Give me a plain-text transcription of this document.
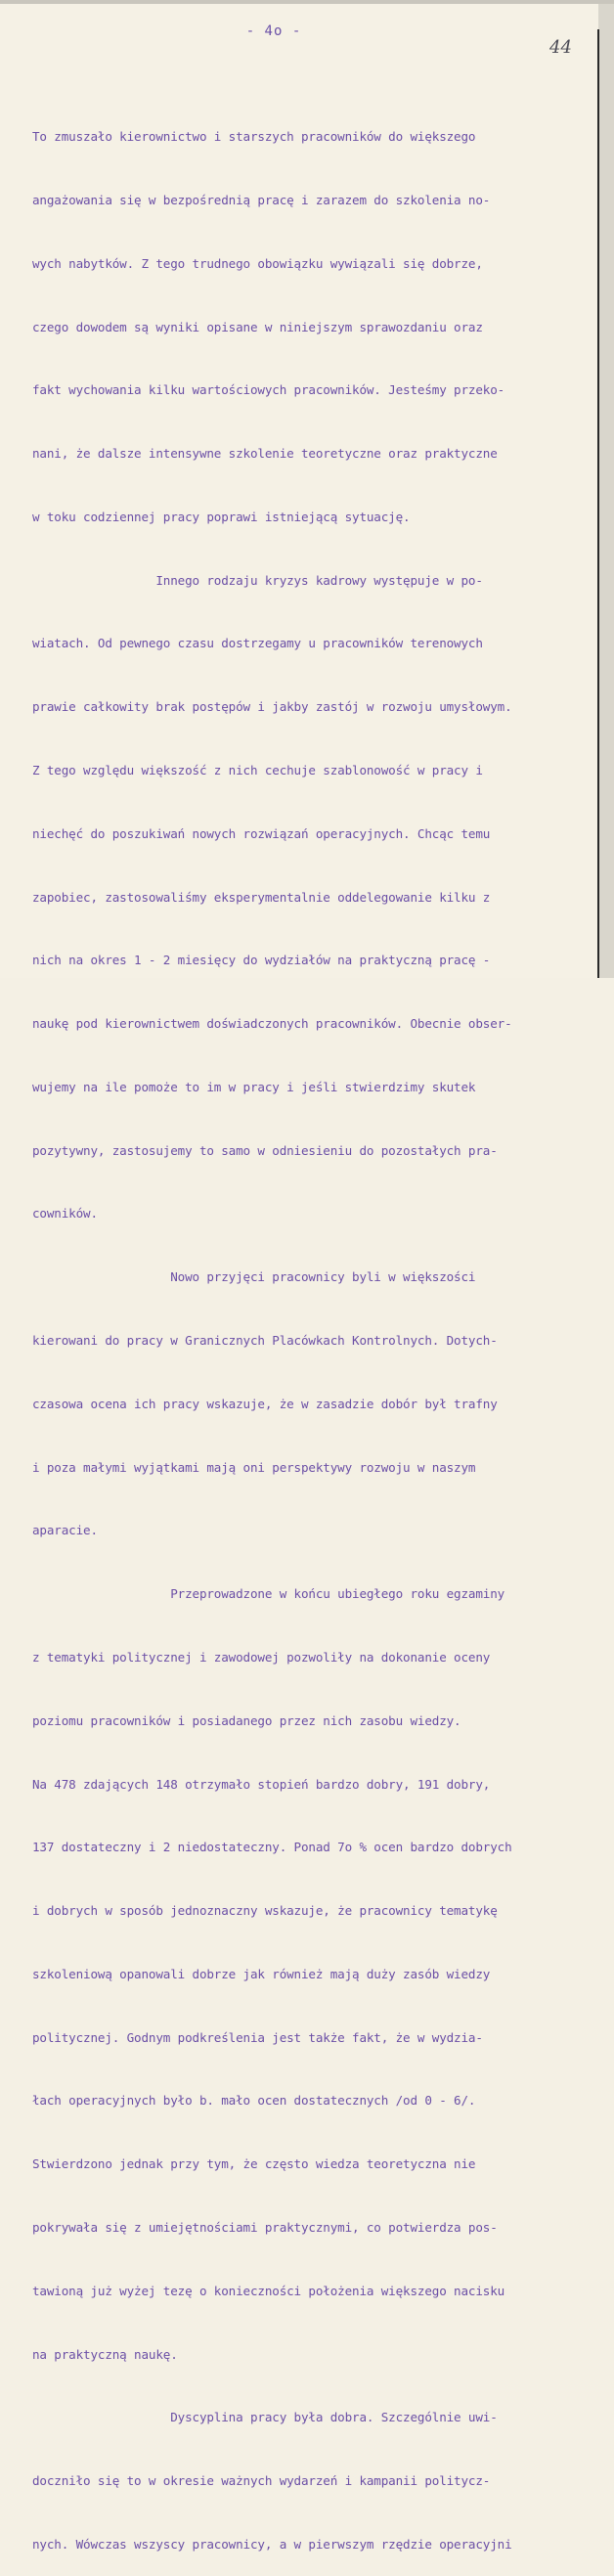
- 4o -
44

To zmuszało kierownictwo i starszych pracowników do większego

angażowania się w bezpośrednią pracę i zarazem do szkolenia no-

wych nabytków. Z tego trudnego obowiązku wywiązali się dobrze,

czego dowodem są wyniki opisane w niniejszym sprawozdaniu oraz

fakt wychowania kilku wartościowych pracowników. Jesteśmy przeko-

nani, że dalsze intensywne szkolenie teoretyczne oraz praktyczne

w toku codziennej pracy poprawi istniejącą sytuację.

Innego rodzaju kryzys kadrowy występuje w po-

wiatach. Od pewnego czasu dostrzegamy u pracowników terenowych

prawie całkowity brak postępów i jakby zastój w rozwoju umysłowym.

Z tego względu większość z nich cechuje szablonowość w pracy i

niechęć do poszukiwań nowych rozwiązań operacyjnych. Chcąc temu

zapobiec, zastosowaliśmy eksperymentalnie oddelegowanie kilku z

nich na okres 1 - 2 miesięcy do wydziałów na praktyczną pracę -

naukę pod kierownictwem doświadczonych pracowników. Obecnie obser-

wujemy na ile pomoże to im w pracy i jeśli stwierdzimy skutek

pozytywny, zastosujemy to samo w odniesieniu do pozostałych pra-

cowników.

Nowo przyjęci pracownicy byli w większości

kierowani do pracy w Granicznych Placówkach Kontrolnych. Dotych-

czasowa ocena ich pracy wskazuje, że w zasadzie dobór był trafny

i poza małymi wyjątkami mają oni perspektywy rozwoju w naszym

aparacie.

Przeprowadzone w końcu ubiegłego roku egzaminy

z tematyki politycznej i zawodowej pozwoliły na dokonanie oceny

poziomu pracowników i posiadanego przez nich zasobu wiedzy.

Na 478 zdających 148 otrzymało stopień bardzo dobry, 191 dobry,

137 dostateczny i 2 niedostateczny. Ponad 7o % ocen bardzo dobrych

i dobrych w sposób jednoznaczny wskazuje, że pracownicy tematykę

szkoleniową opanowali dobrze jak również mają duży zasób wiedzy

politycznej. Godnym podkreślenia jest także fakt, że w wydzia-

łach operacyjnych było b. mało ocen dostatecznych /od 0 - 6/.

Stwierdzono jednak przy tym, że często wiedza teoretyczna nie

pokrywała się z umiejętnościami praktycznymi, co potwierdza pos-

tawioną już wyżej tezę o konieczności położenia większego nacisku

na praktyczną naukę.

Dyscyplina pracy była dobra. Szczególnie uwi-

doczniło się to w okresie ważnych wydarzeń i kampanii politycz-

nych. Wówczas wszyscy pracownicy, a w pierwszym rzędzie operacyjni
